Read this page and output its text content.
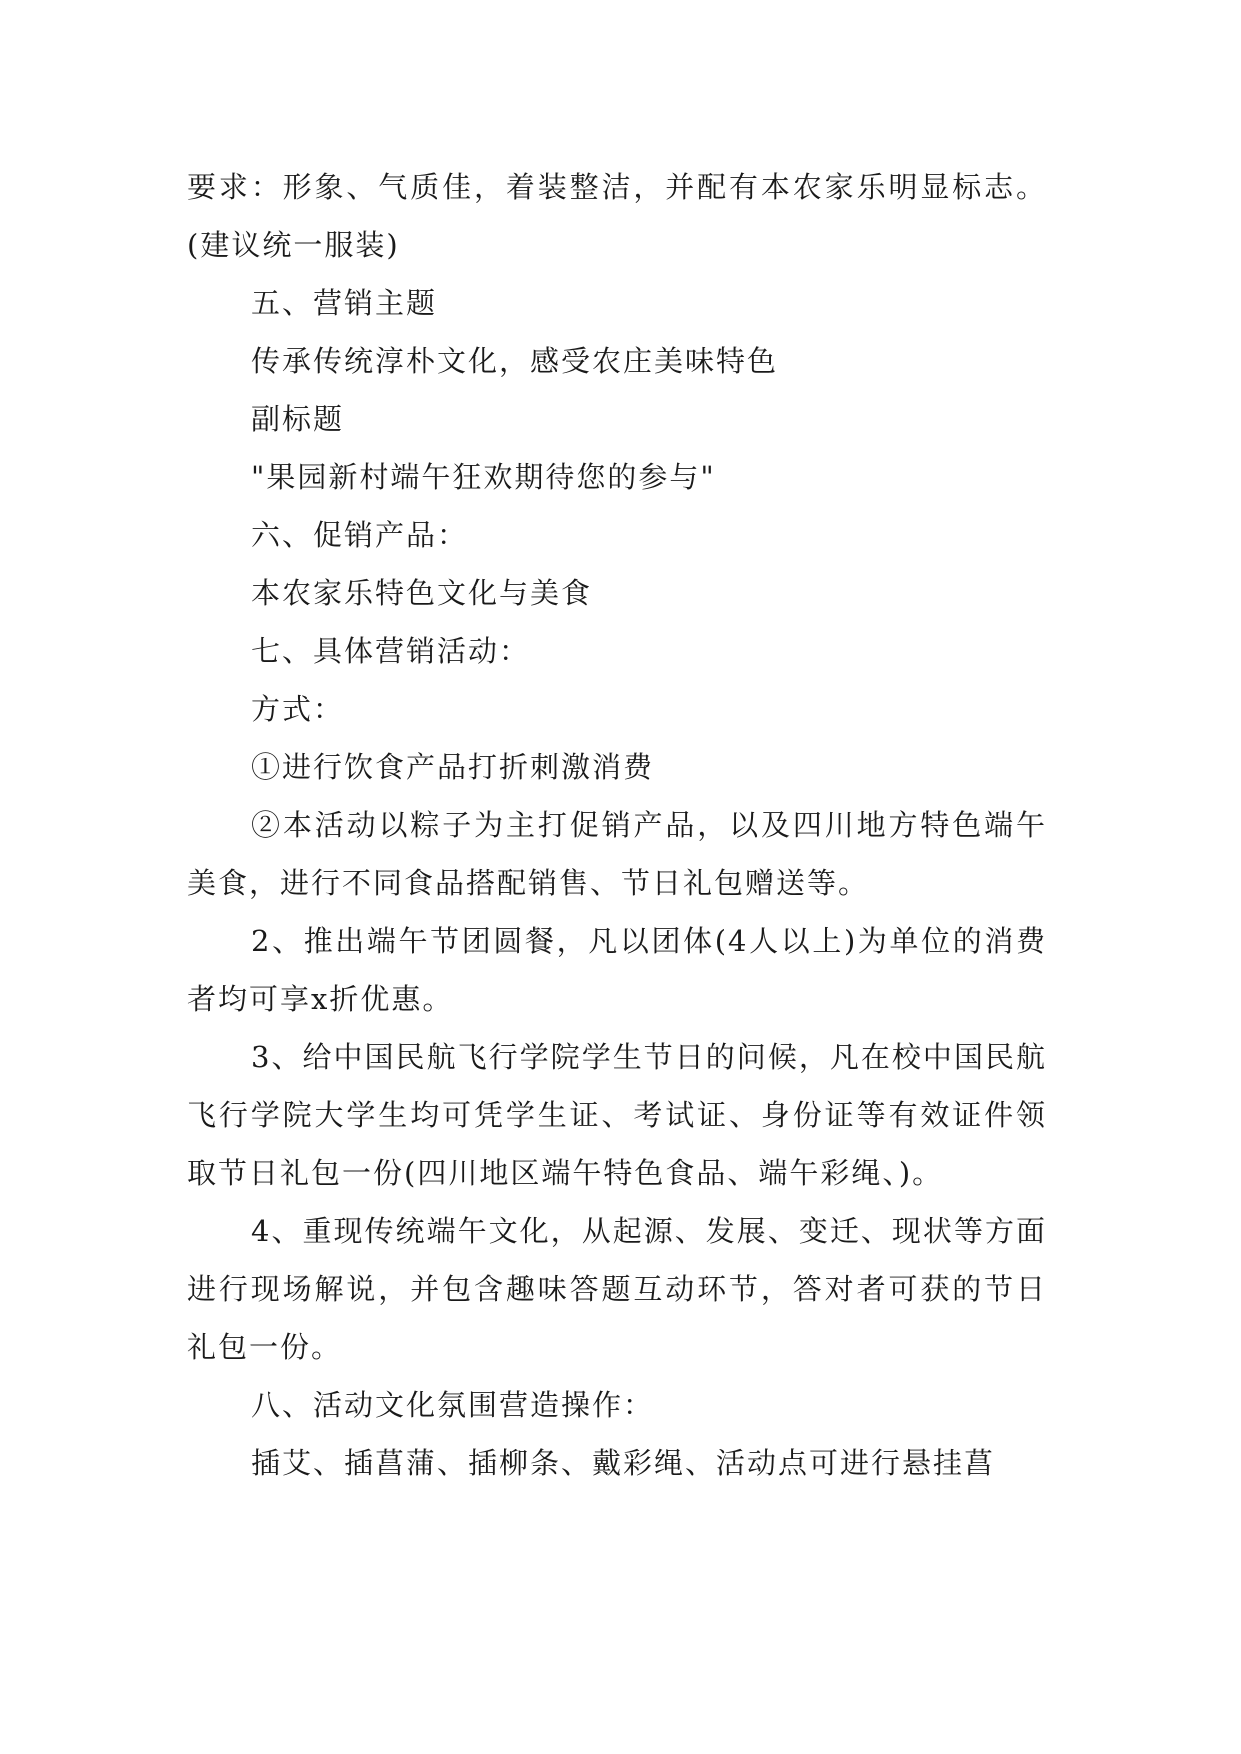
要求：形象、气质佳，着装整洁，并配有本农家乐明显标志。(建议统一服装)

五、营销主题

传承传统淳朴文化，感受农庄美味特色

副标题

"果园新村端午狂欢期待您的参与"

六、促销产品：

本农家乐特色文化与美食

七、具体营销活动：

方式：

①进行饮食产品打折刺激消费

②本活动以粽子为主打促销产品，以及四川地方特色端午美食，进行不同食品搭配销售、节日礼包赠送等。

2、推出端午节团圆餐，凡以团体(4人以上)为单位的消费者均可享x折优惠。

3、给中国民航飞行学院学生节日的问候，凡在校中国民航飞行学院大学生均可凭学生证、考试证、身份证等有效证件领取节日礼包一份(四川地区端午特色食品、端午彩绳、)。

4、重现传统端午文化，从起源、发展、变迁、现状等方面进行现场解说，并包含趣味答题互动环节，答对者可获的节日礼包一份。

八、活动文化氛围营造操作：

插艾、插菖蒲、插柳条、戴彩绳、活动点可进行悬挂菖
